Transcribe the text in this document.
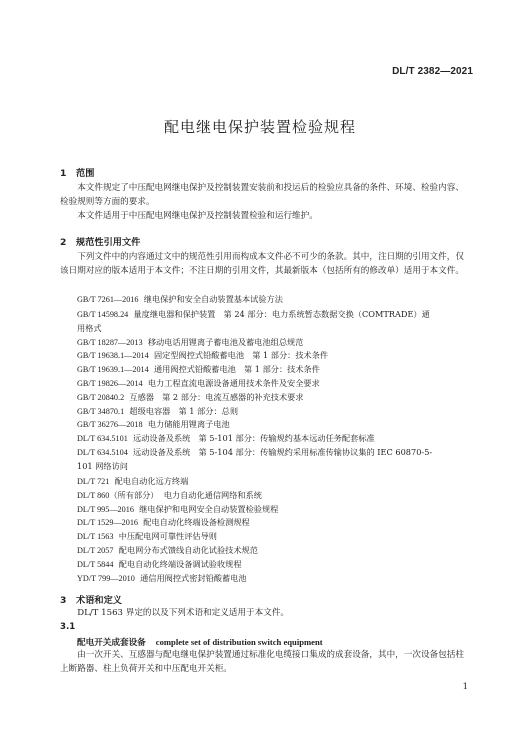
DL/T 2382—2021
配电继电保护装置检验规程
1 范围
本文件规定了中压配电网继电保护及控制装置安装前和投运后的检验应具备的条件、环境、检验内容、检验规则等方面的要求。
本文件适用于中压配电网继电保护及控制装置检验和运行维护。
2 规范性引用文件
下列文件中的内容通过文中的规范性引用而构成本文件必不可少的条款。其中，注日期的引用文件，仅该日期对应的版本适用于本文件；不注日期的引用文件，其最新版本（包括所有的修改单）适用于本文件。
GB/T 7261—2016 继电保护和安全自动装置基本试验方法
GB/T 14598.24 量度继电器和保护装置　第 24 部分：电力系统暂态数据交换（COMTRADE）通
用格式
GB/T 18287—2013 移动电话用锂离子蓄电池及蓄电池组总规范
GB/T 19638.1—2014 固定型阀控式铅酸蓄电池　第 1 部分：技术条件
GB/T 19639.1—2014 通用阀控式铅酸蓄电池　第 1 部分：技术条件
GB/T 19826—2014 电力工程直流电源设备通用技术条件及安全要求
GB/T 20840.2 互感器　第 2 部分：电流互感器的补充技术要求
GB/T 34870.1 超级电容器　第 1 部分：总则
GB/T 36276—2018 电力储能用锂离子电池
DL/T 634.5101 远动设备及系统　第 5-101 部分：传输规约基本远动任务配套标准
DL/T 634.5104 远动设备及系统　第 5-104 部分：传输规约采用标准传输协议集的 IEC 60870-5-
101 网络访问
DL/T 721 配电自动化远方终端
DL/T 860（所有部分） 电力自动化通信网络和系统
DL/T 995—2016 继电保护和电网安全自动装置检验规程
DL/T 1529—2016 配电自动化终端设备检测规程
DL/T 1563 中压配电网可靠性评估导则
DL/T 2057 配电网分布式馈线自动化试验技术规范
DL/T 5844 配电自动化终端设备调试验收规程
YD/T 799—2010 通信用阀控式密封铅酸蓄电池
3 术语和定义
DL/T 1563 界定的以及下列术语和定义适用于本文件。
3.1
配电开关成套设备 complete set of distribution switch equipment
由一次开关、互感器与配电继电保护装置通过标准化电缆接口集成的成套设备，其中，一次设备包括柱上断路器、柱上负荷开关和中压配电开关柜。
1
